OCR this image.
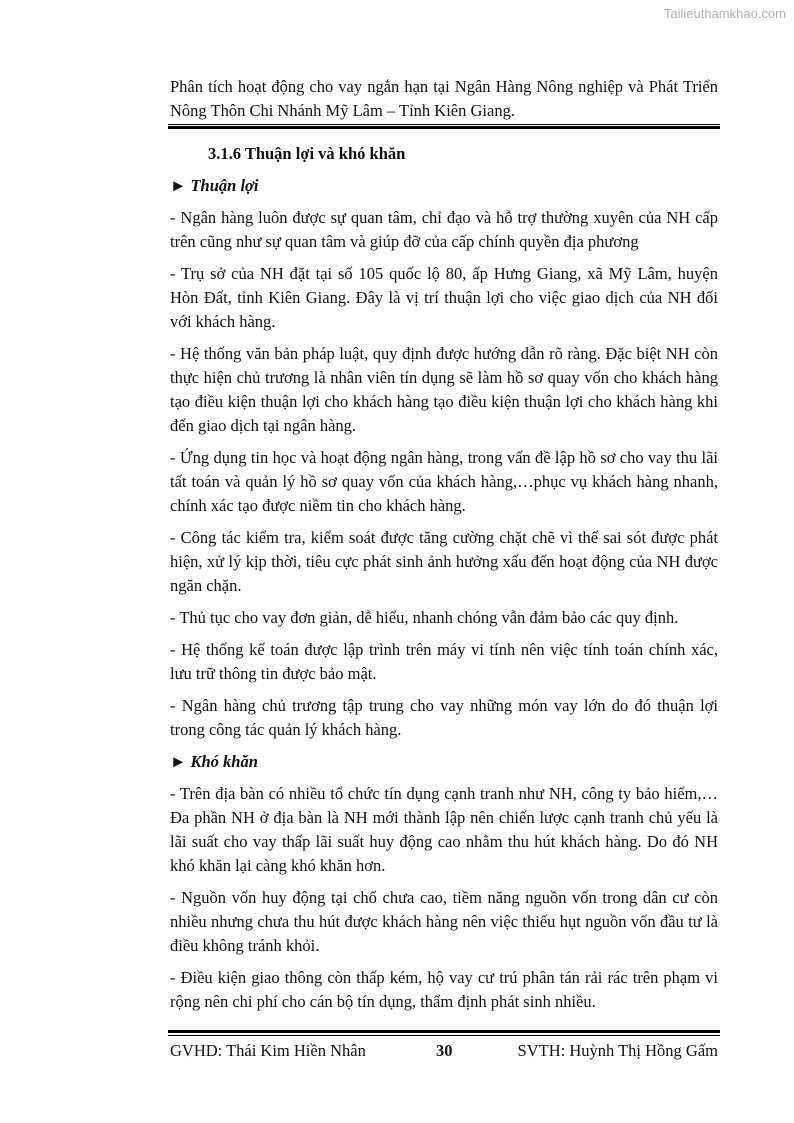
Tailieuthamkhao.com
Phân tích hoạt động cho vay ngắn hạn tại Ngân Hàng Nông nghiệp và Phát Triển Nông Thôn Chi Nhánh Mỹ Lâm – Tỉnh Kiên Giang.
3.1.6 Thuận lợi và khó khăn
► Thuận lợi

- Ngân hàng luôn được sự quan tâm, chỉ đạo và hỗ trợ thường xuyên của NH cấp trên cũng như sự quan tâm và giúp đỡ của cấp chính quyền địa phương

- Trụ sở của NH đặt tại số 105 quốc lộ 80, ấp Hưng Giang, xã Mỹ Lâm, huyện Hòn Đất, tỉnh Kiên Giang. Đây là vị trí thuận lợi cho việc giao dịch của NH đối với khách hàng.

- Hệ thống văn bản pháp luật, quy định được hướng dẫn rõ ràng. Đặc biệt NH còn thực hiện chủ trương là nhân viên tín dụng sẽ làm hồ sơ quay vốn cho khách hàng tạo điều kiện thuận lợi cho khách hàng tạo điều kiện thuận lợi cho khách hàng khi đến giao dịch tại ngân hàng.

- Ứng dụng tin học và hoạt động ngân hàng, trong vấn đề lập hồ sơ cho vay thu lãi tất toán và quản lý hồ sơ quay vốn của khách hàng,…phục vụ khách hàng nhanh, chính xác tạo được niềm tin cho khách hàng.

- Công tác kiểm tra, kiểm soát được tăng cường chặt chẽ vì thế sai sót được phát hiện, xử lý kịp thời, tiêu cực phát sinh ảnh hưởng xấu đến hoạt động của NH được ngăn chặn.

- Thủ tục cho vay đơn giản, dễ hiểu, nhanh chóng vẫn đảm bảo các quy định.

- Hệ thống kế toán được lập trình trên máy vi tính nên việc tính toán chính xác, lưu trữ thông tin được bảo mật.

- Ngân hàng chủ trương tập trung cho vay những món vay lớn do đó thuận lợi trong công tác quản lý khách hàng.

► Khó khăn

- Trên địa bàn có nhiều tổ chức tín dụng cạnh tranh như NH, công ty bảo hiểm,…Đa phần NH ở địa bàn là NH mới thành lập nên chiến lược cạnh tranh chủ yếu là lãi suất cho vay thấp lãi suất huy động cao nhằm thu hút khách hàng. Do đó NH khó khăn lại càng khó khăn hơn.

- Nguồn vốn huy động tại chổ chưa cao, tiềm năng nguồn vốn trong dân cư còn nhiều nhưng chưa thu hút được khách hàng nên việc thiếu hụt nguồn vốn đầu tư là điều không tránh khỏi.

- Điều kiện giao thông còn thấp kém, hộ vay cư trú phân tán rải rác trên phạm vi rộng nên chi phí cho cán bộ tín dụng, thẩm định phát sinh nhiều.

GVHD: Thái Kim Hiền Nhân	30	SVTH: Huỳnh Thị Hồng Gấm
